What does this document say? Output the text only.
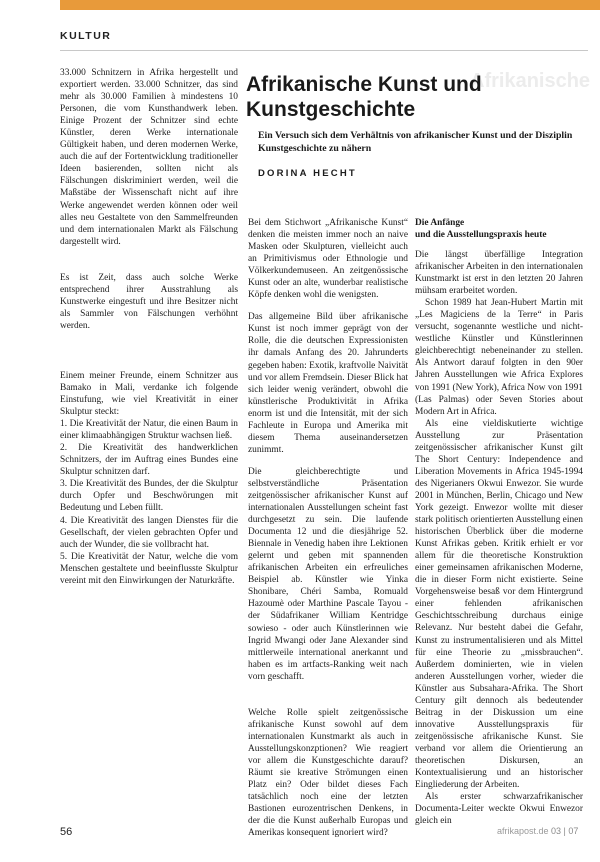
KULTUR
Afrikanische
Afrikanische Kunst und Kunstgeschichte

Ein Versuch sich dem Verhältnis von afrikanischer Kunst und der Disziplin Kunstgeschichte zu nähern

DORINA HECHT

33.000 Schnitzern in Afrika hergestellt und exportiert werden. 33.000 Schnitzer, das sind mehr als 30.000 Familien à mindestens 10 Personen, die vom Kunsthandwerk leben. Einige Prozent der Schnitzer sind echte Künstler, deren Werke internationale Gültigkeit haben, und deren modernen Werke, auch die auf der Fortentwicklung traditioneller Ideen basierenden, sollten nicht als Fälschungen diskriminiert werden, weil die Maßstäbe der Wissenschaft nicht auf ihre Werke angewendet werden können oder weil alles neu Gestaltete von den Sammelfreunden und dem internationalen Markt als Fälschung dargestellt wird.

Es ist Zeit, dass auch solche Werke entsprechend ihrer Ausstrahlung als Kunstwerke eingestuft und ihre Besitzer nicht als Sammler von Fälschungen verhöhnt werden.

Einem meiner Freunde, einem Schnitzer aus Bamako in Mali, verdanke ich folgende Einstufung, wie viel Kreativität in einer Skulptur steckt:

1. Die Kreativität der Natur, die einen Baum in einer klimaabhängigen Struktur wachsen ließ.

2. Die Kreativität des handwerklichen Schnitzers, der im Auftrag eines Bundes eine Skulptur schnitzen darf.

3. Die Kreativität des Bundes, der die Skulptur durch Opfer und Beschwörungen mit Bedeutung und Leben füllt.

4. Die Kreativität des langen Dienstes für die Gesellschaft, der vielen gebrachten Opfer und auch der Wunder, die sie vollbracht hat.

5. Die Kreativität der Natur, welche die vom Menschen gestaltete und beeinflusste Skulptur vereint mit den Einwirkungen der Naturkräfte.

Bei dem Stichwort „Afrikanische Kunst“ denken die meisten immer noch an naive Masken oder Skulpturen, vielleicht auch an Primitivismus oder Ethnologie und Völkerkundemuseen. An zeitgenössische Kunst oder an alte, wunderbar realistische Köpfe denken wohl die wenigsten.

Das allgemeine Bild über afrikanische Kunst ist noch immer geprägt von der Rolle, die die deutschen Expressionisten ihr damals Anfang des 20. Jahrunderts gegeben haben: Exotik, kraftvolle Naivität und vor allem Fremdsein. Dieser Blick hat sich leider wenig verändert, obwohl die künstlerische Produktivität in Afrika enorm ist und die Intensität, mit der sich Fachleute in Europa und Amerika mit diesem Thema auseinandersetzen zunimmt.

Die gleichberechtigte und selbstverständliche Präsentation zeitgenössischer afrikanischer Kunst auf internationalen Ausstellungen scheint fast durchgesetzt zu sein. Die laufende Documenta 12 und die diesjährige 52. Biennale in Venedig haben ihre Lektionen gelernt und geben mit spannenden afrikanischen Arbeiten ein erfreuliches Beispiel ab. Künstler wie Yinka Shonibare, Chéri Samba, Romuald Hazoumè oder Marthine Pascale Tayou - der Südafrikaner William Kentridge sowieso - oder auch Künstlerinnen wie Ingrid Mwangi oder Jane Alexander sind mittlerweile international anerkannt und haben es im artfacts-Ranking weit nach vorn geschafft.

Welche Rolle spielt zeitgenössische afrikanische Kunst sowohl auf dem internationalen Kunstmarkt als auch in Ausstellungskonzptionen? Wie reagiert vor allem die Kunstgeschichte darauf? Räumt sie kreative Strömungen einen Platz ein? Oder bildet dieses Fach tatsächlich noch eine der letzten Bastionen eurozentrischen Denkens, in der die die Kunst außerhalb Europas und Amerikas konsequent ignoriert wird?

Die Anfänge
und die Ausstellungspraxis heute

Die längst überfällige Integration afrikanischer Arbeiten in den internationalen Kunstmarkt ist erst in den letzten 20 Jahren mühsam erarbeitet worden.

Schon 1989 hat Jean-Hubert Martin mit „Les Magiciens de la Terre“ in Paris versucht, sogenannte westliche und nicht-westliche Künstler und Künstlerinnen gleichberechtigt nebeneinander zu stellen. Als Antwort darauf folgten in den 90er Jahren Ausstellungen wie Africa Explores von 1991 (New York), Africa Now von 1991 (Las Palmas) oder Seven Stories about Modern Art in Africa.

Als eine vieldiskutierte wichtige Ausstellung zur Präsentation zeitgenössischer afrikanischer Kunst gilt The Short Century: Independence and Liberation Movements in Africa 1945-1994 des Nigerianers Okwui Enwezor. Sie wurde 2001 in München, Berlin, Chicago und New York gezeigt. Enwezor wollte mit dieser stark politisch orientierten Ausstellung einen historischen Überblick über die moderne Kunst Afrikas geben. Kritik erhielt er vor allem für die theoretische Konstruktion einer gemeinsamen afrikanischen Moderne, die in dieser Form nicht existierte. Seine Vorgehensweise besaß vor dem Hintergrund einer fehlenden afrikanischen Geschichtsschreibung durchaus einige Relevanz. Nur besteht dabei die Gefahr, Kunst zu instrumentalisieren und als Mittel für eine Theorie zu „missbrauchen“. Außerdem dominierten, wie in vielen anderen Ausstellungen vorher, wieder die Künstler aus Subsahara-Afrika. The Short Century gilt dennoch als bedeutender Beitrag in der Diskussion um eine innovative Ausstellungspraxis für zeitgenössische afrikanische Kunst. Sie verband vor allem die Orientierung an theoretischen Diskursen, an Kontextualisierung und an historischer Eingliederung der Arbeiten.

Als erster schwarzafrikanischer Documenta-Leiter weckte Okwui Enwezor gleich ein

56	afrikapost.de 03 | 07
